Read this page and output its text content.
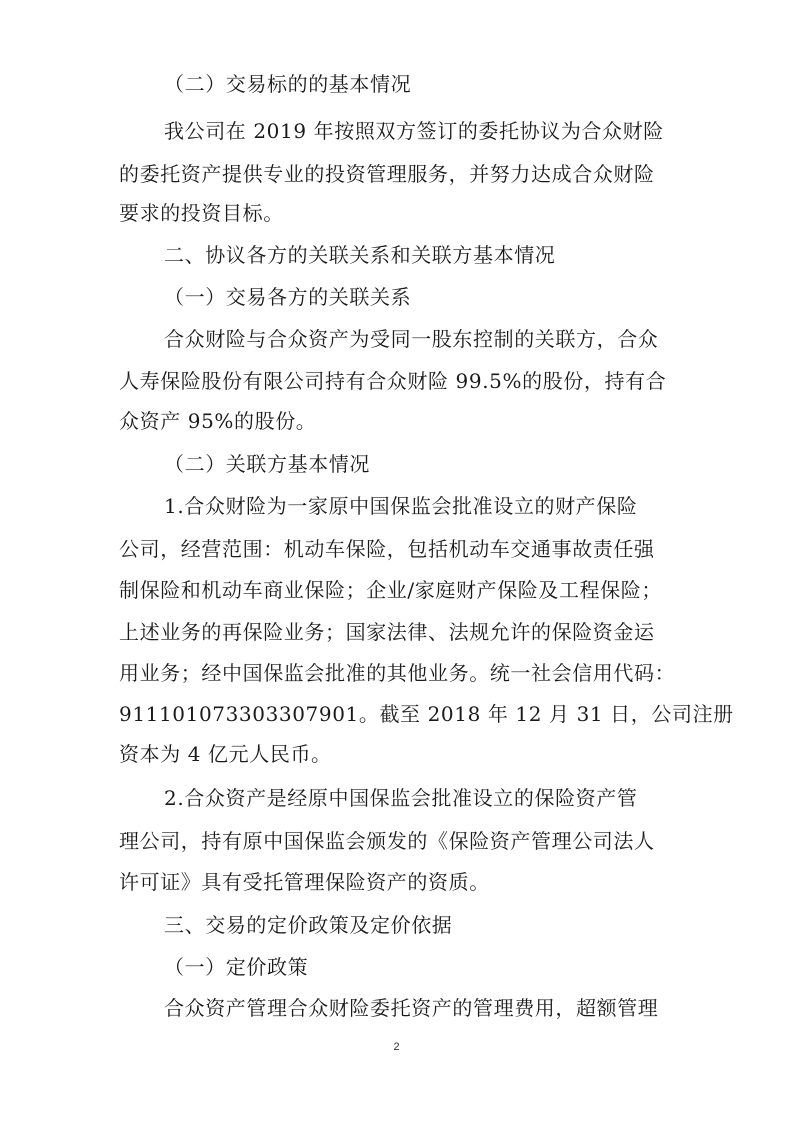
（二）交易标的的基本情况
我公司在 2019 年按照双方签订的委托协议为合众财险
的委托资产提供专业的投资管理服务，并努力达成合众财险
要求的投资目标。
二、协议各方的关联关系和关联方基本情况
（一）交易各方的关联关系
合众财险与合众资产为受同一股东控制的关联方，合众
人寿保险股份有限公司持有合众财险 99.5%的股份，持有合
众资产 95%的股份。
（二）关联方基本情况
1.合众财险为一家原中国保监会批准设立的财产保险
公司，经营范围：机动车保险，包括机动车交通事故责任强
制保险和机动车商业保险；企业/家庭财产保险及工程保险；
上述业务的再保险业务；国家法律、法规允许的保险资金运
用业务；经中国保监会批准的其他业务。统一社会信用代码：
911101073303307901。截至 2018 年 12 月 31 日，公司注册
资本为 4 亿元人民币。
2.合众资产是经原中国保监会批准设立的保险资产管
理公司，持有原中国保监会颁发的《保险资产管理公司法人
许可证》具有受托管理保险资产的资质。
三、交易的定价政策及定价依据
（一）定价政策
合众资产管理合众财险委托资产的管理费用，超额管理
2
